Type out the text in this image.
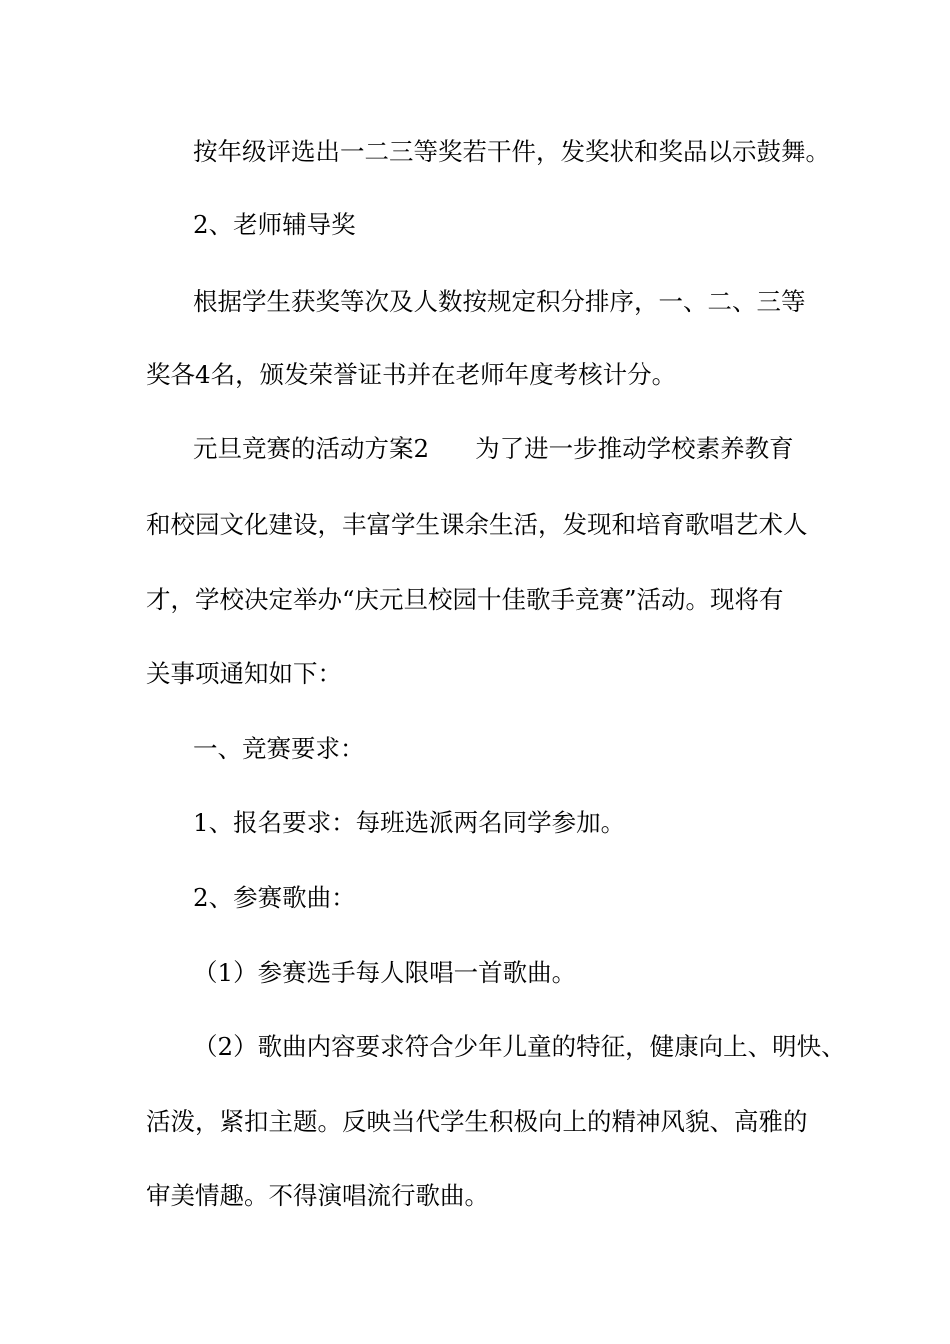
按年级评选出一二三等奖若干件，发奖状和奖品以示鼓舞。
2、老师辅导奖
根据学生获奖等次及人数按规定积分排序，一、二、三等
奖各4名，颁发荣誉证书并在老师年度考核计分。
元旦竞赛的活动方案2 为了进一步推动学校素养教育
和校园文化建设，丰富学生课余生活，发现和培育歌唱艺术人
才，学校决定举办“庆元旦校园十佳歌手竞赛”活动。现将有
关事项通知如下：
一、竞赛要求：
1、报名要求：每班选派两名同学参加。
2、参赛歌曲：
（1）参赛选手每人限唱一首歌曲。
（2）歌曲内容要求符合少年儿童的特征，健康向上、明快、
活泼，紧扣主题。反映当代学生积极向上的精神风貌、高雅的
审美情趣。不得演唱流行歌曲。
